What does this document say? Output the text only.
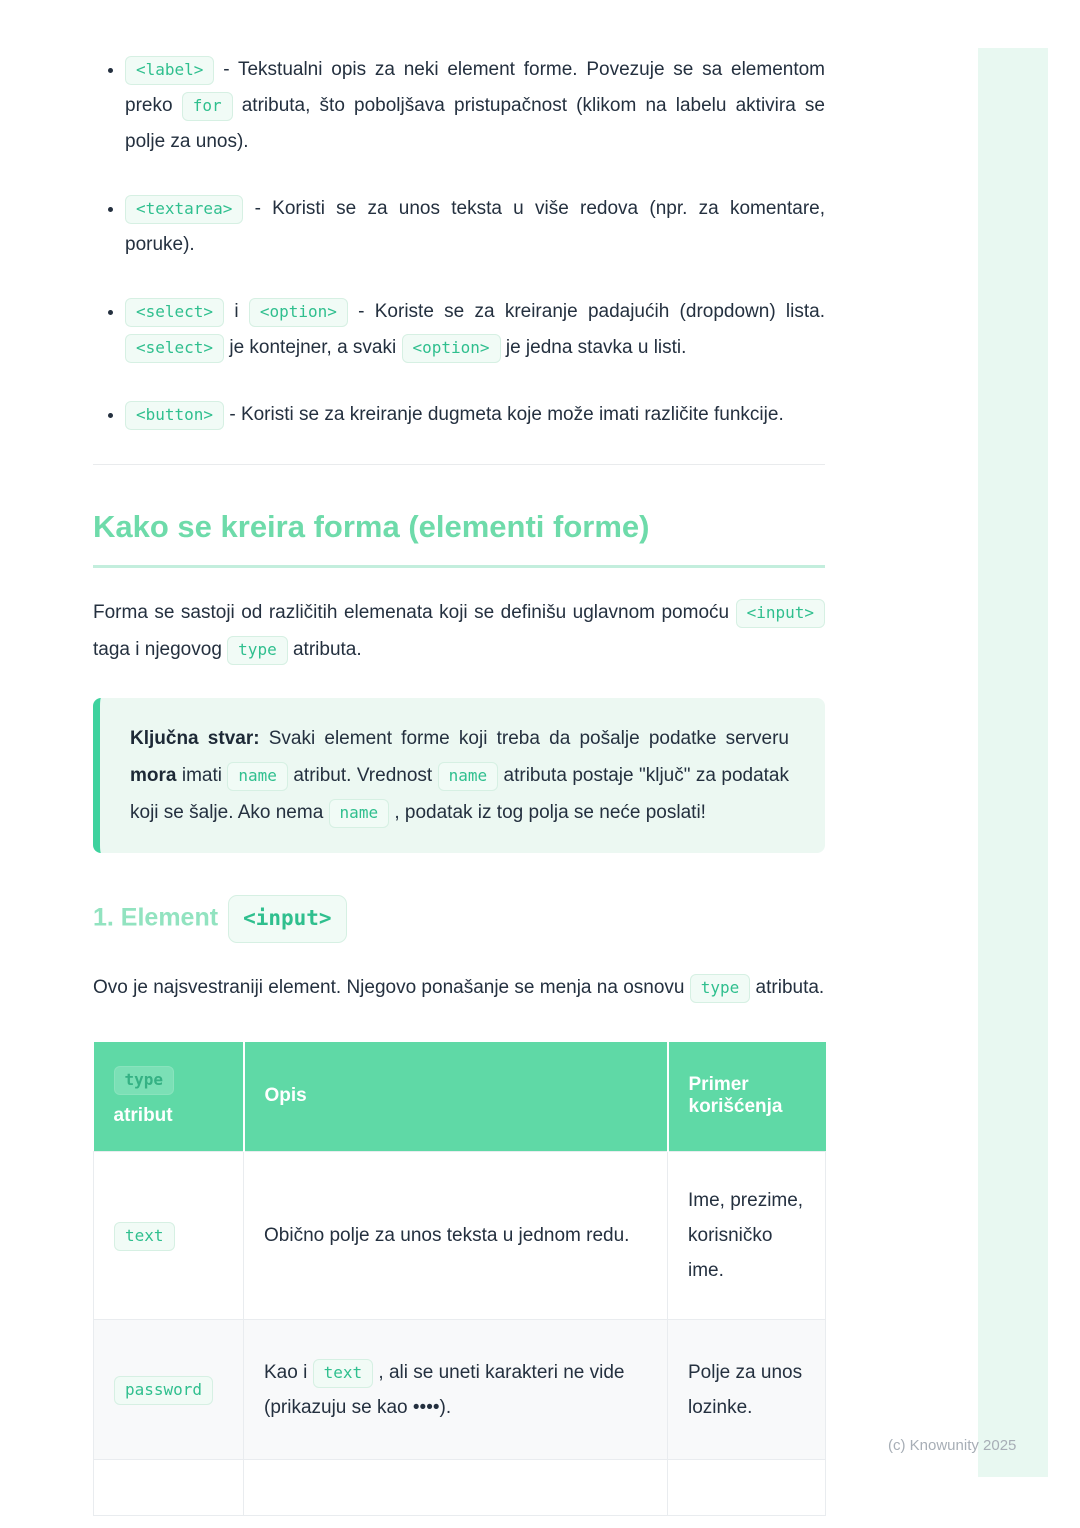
(c) Knowunity 2025
• <label> - Tekstualni opis za neki element forme. Povezuje se sa elementom preko for atributa, što poboljšava pristupačnost (klikom na labelu aktivira se polje za unos).
• <textarea> - Koristi se za unos teksta u više redova (npr. za komentare, poruke).
• <select> i <option> - Koriste se za kreiranje padajućih (dropdown) lista. <select> je kontejner, a svaki <option> je jedna stavka u listi.
• <button> - Koristi se za kreiranje dugmeta koje može imati različite funkcije.
Kako se kreira forma (elementi forme)

Forma se sastoji od različitih elemenata koji se definišu uglavnom pomoću <input> taga i njegovog type atributa.

Ključna stvar: Svaki element forme koji treba da pošalje podatke serveru mora imati name atribut. Vrednost name atributa postaje "ključ" za podatak koji se šalje. Ako nema name , podatak iz tog polja se neće poslati!
1. Element <input>

Ovo je najsvestraniji element. Njegovo ponašanje se menja na osnovu type atributa.

type
atribut	Opis	Primer korišćenja
text	Obično polje za unos teksta u jednom redu.	Ime, prezime, korisničko ime.
password	Kao i text , ali se uneti karakteri ne vide (prikazuju se kao ••••).	Polje za unos lozinke.
